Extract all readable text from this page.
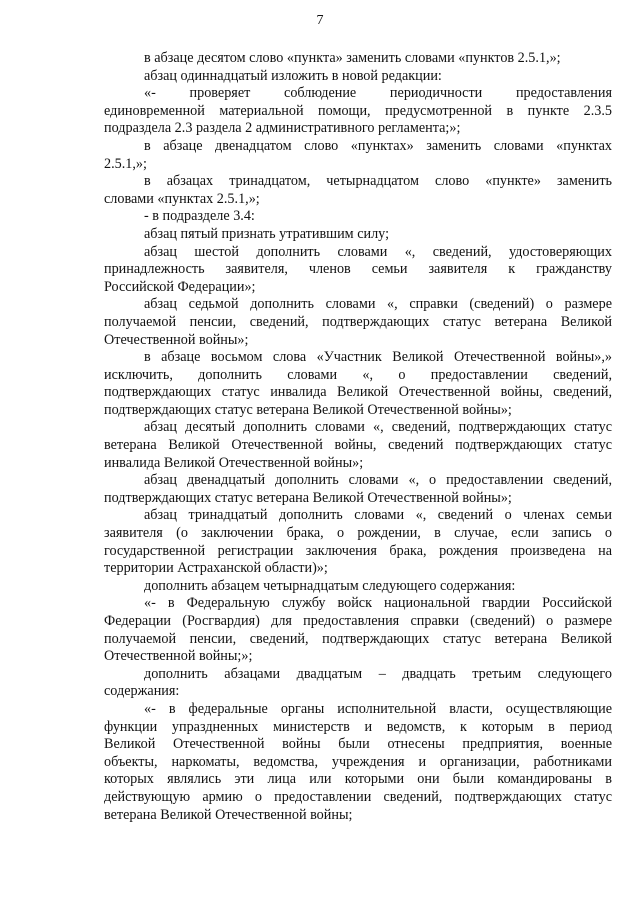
7
в абзаце десятом слово «пункта» заменить словами «пунктов 2.5.1,»;
абзац одиннадцатый изложить в новой редакции:
«- проверяет соблюдение периодичности предоставления
единовременной материальной помощи, предусмотренной в пункте 2.3.5
подраздела 2.3 раздела 2 административного регламента;»;
в абзаце двенадцатом слово «пунктах» заменить словами «пунктах
2.5.1,»;
в абзацах тринадцатом, четырнадцатом слово «пункте» заменить
словами «пунктах 2.5.1,»;
- в подразделе 3.4:
абзац пятый признать утратившим силу;
абзац шестой дополнить словами «, сведений, удостоверяющих
принадлежность заявителя, членов семьи заявителя к гражданству
Российской Федерации»;
абзац седьмой дополнить словами «, справки (сведений) о размере
получаемой пенсии, сведений, подтверждающих статус ветерана Великой
Отечественной войны»;
в абзаце восьмом слова «Участник Великой Отечественной войны»,»
исключить, дополнить словами «, о предоставлении сведений,
подтверждающих статус инвалида Великой Отечественной войны, сведений,
подтверждающих статус ветерана Великой Отечественной войны»;
абзац десятый дополнить словами «, сведений, подтверждающих статус
ветерана Великой Отечественной войны, сведений подтверждающих статус
инвалида Великой Отечественной войны»;
абзац двенадцатый дополнить словами «, о предоставлении сведений,
подтверждающих статус ветерана Великой Отечественной войны»;
абзац тринадцатый дополнить словами «, сведений о членах семьи
заявителя (о заключении брака, о рождении, в случае, если запись о
государственной регистрации заключения брака, рождения произведена на
территории Астраханской области)»;
дополнить абзацем четырнадцатым следующего содержания:
«- в Федеральную службу войск национальной гвардии Российской
Федерации (Росгвардия) для предоставления справки (сведений) о размере
получаемой пенсии, сведений, подтверждающих статус ветерана Великой
Отечественной войны;»;
дополнить абзацами двадцатым – двадцать третьим следующего
содержания:
«- в федеральные органы исполнительной власти, осуществляющие
функции упраздненных министерств и ведомств, к которым в период
Великой Отечественной войны были отнесены предприятия, военные
объекты, наркоматы, ведомства, учреждения и организации, работниками
которых являлись эти лица или которыми они были командированы в
действующую армию о предоставлении сведений, подтверждающих статус
ветерана Великой Отечественной войны;
